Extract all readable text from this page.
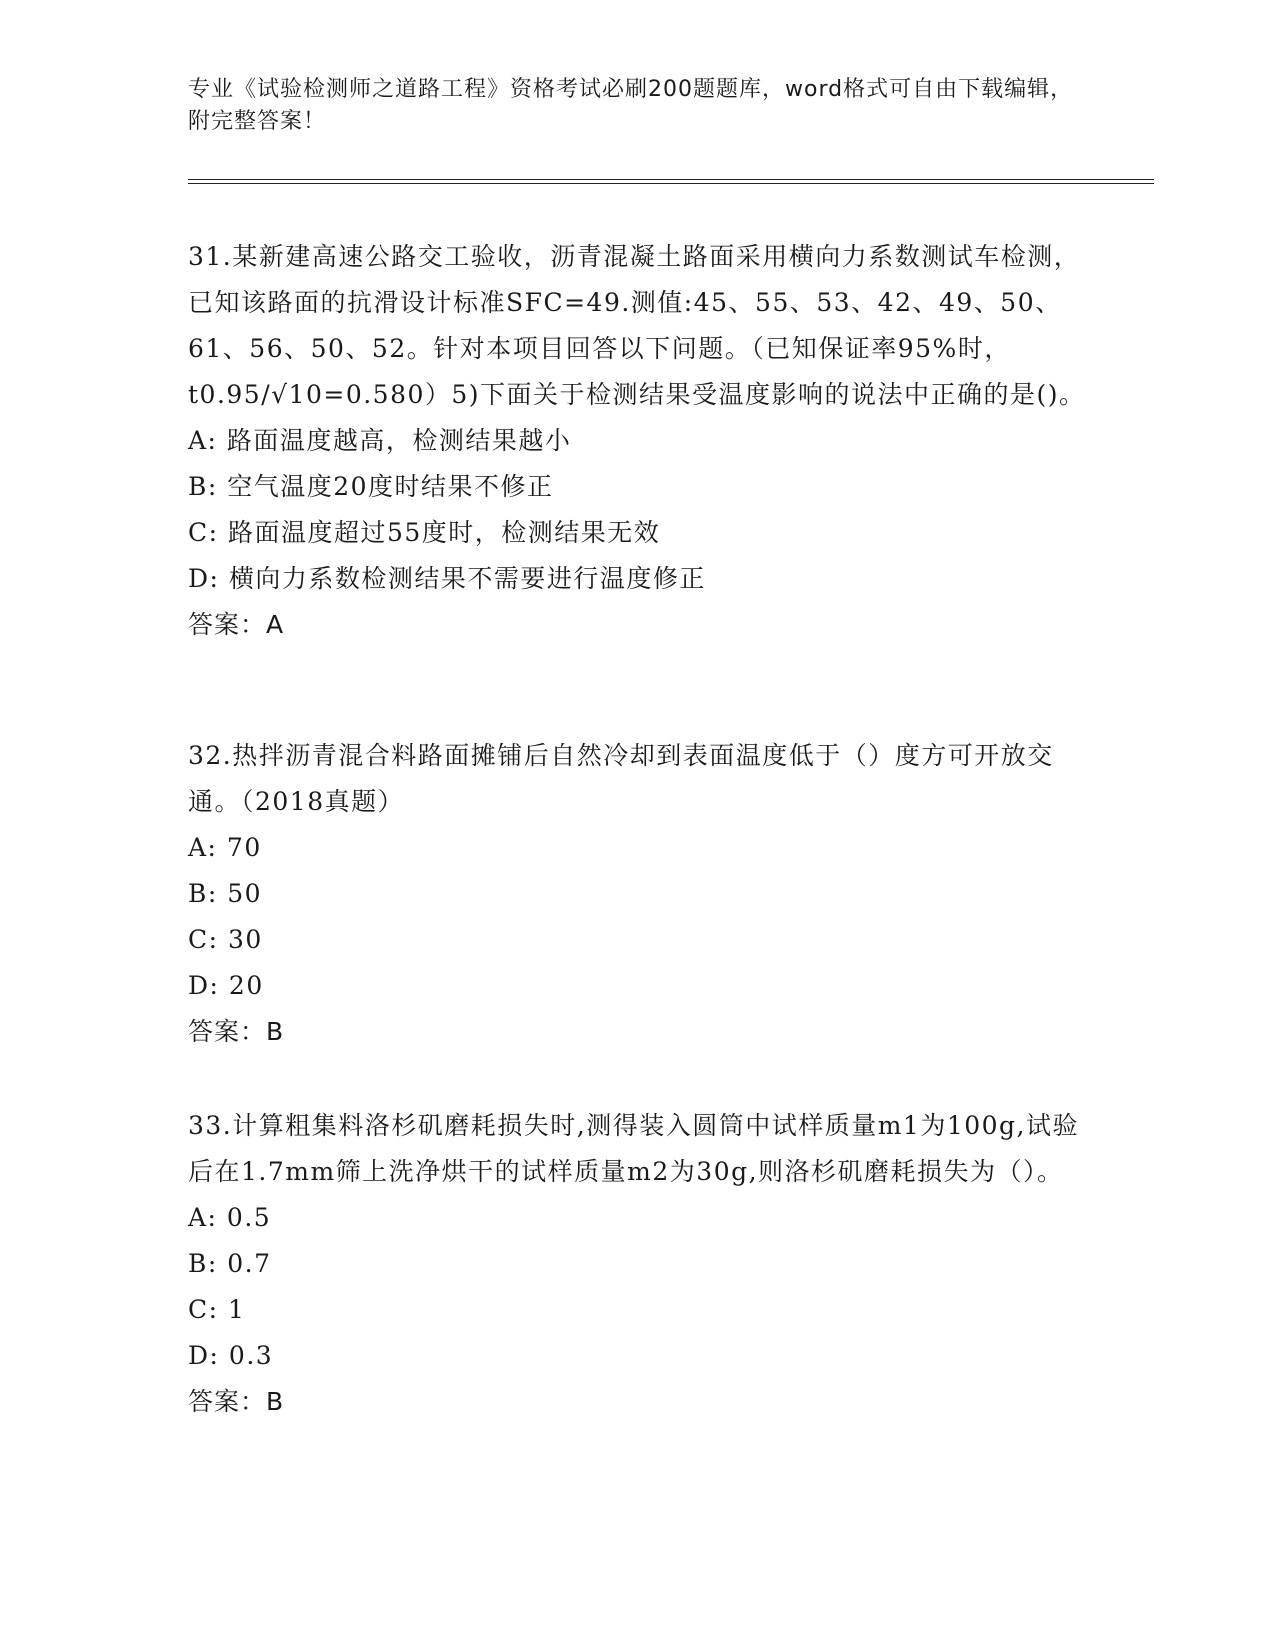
专业《试验检测师之道路工程》资格考试必刷200题题库，word格式可自由下载编辑，附完整答案！
31.某新建高速公路交工验收，沥青混凝土路面采用横向力系数测试车检测，已知该路面的抗滑设计标准SFC=49.测值:45、55、53、42、49、50、61、56、50、52。针对本项目回答以下问题。（已知保证率95%时，t0.95/√10=0.580）5)下面关于检测结果受温度影响的说法中正确的是()。
A: 路面温度越高，检测结果越小
B: 空气温度20度时结果不修正
C: 路面温度超过55度时，检测结果无效
D: 横向力系数检测结果不需要进行温度修正
答案：A
32.热拌沥青混合料路面摊铺后自然冷却到表面温度低于（）度方可开放交通。（2018真题）
A: 70
B: 50
C: 30
D: 20
答案：B
33.计算粗集料洛杉矶磨耗损失时,测得装入圆筒中试样质量m1为100g,试验后在1.7mm筛上洗净烘干的试样质量m2为30g,则洛杉矶磨耗损失为（）。
A: 0.5
B: 0.7
C: 1
D: 0.3
答案：B
